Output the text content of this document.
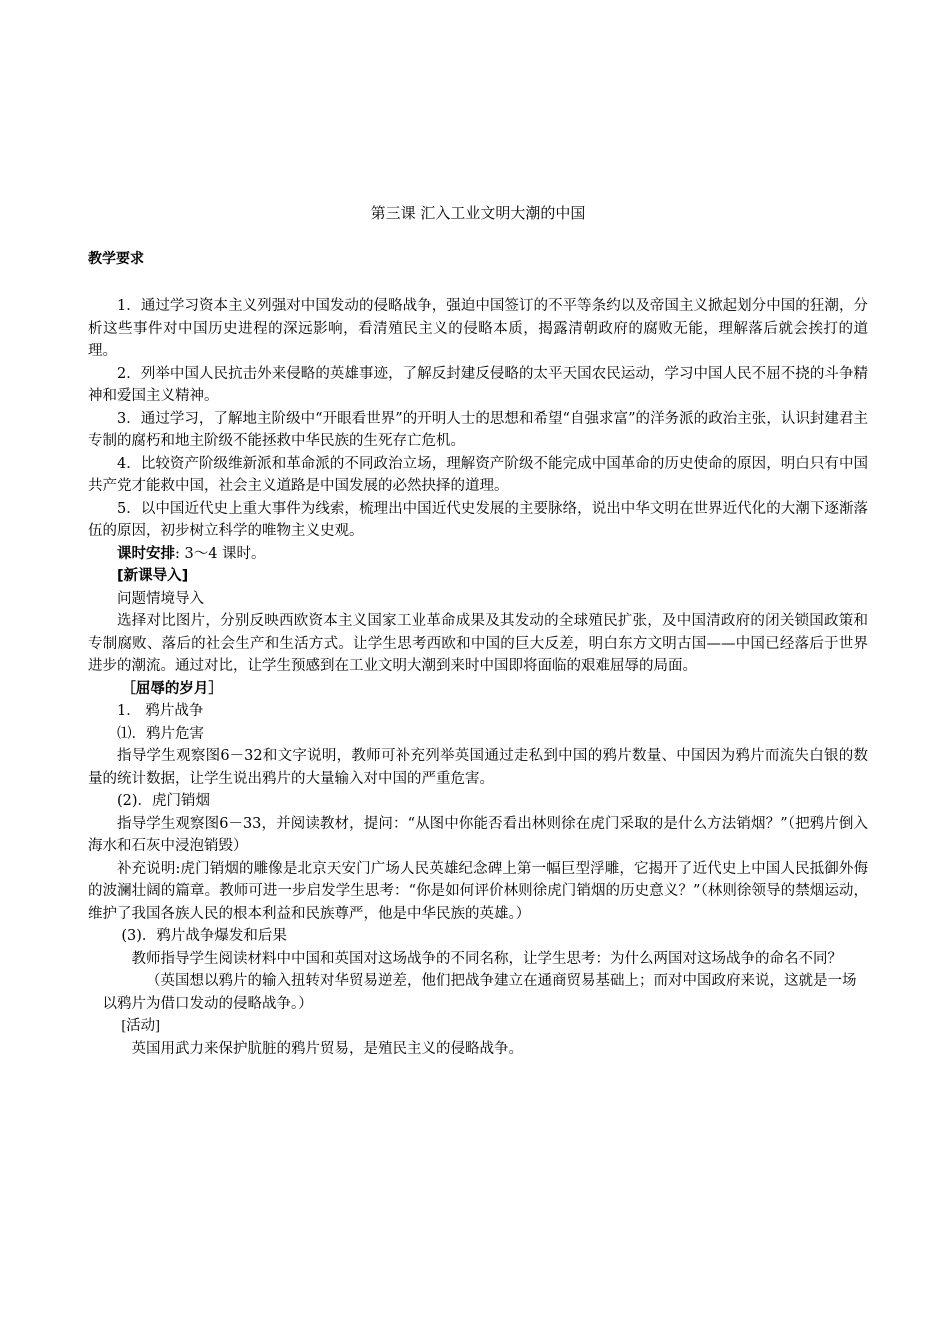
第三课 汇入工业文明大潮的中国
教学要求

1．通过学习资本主义列强对中国发动的侵略战争，强迫中国签订的不平等条约以及帝国主义掀起划分中国的狂潮，分析这些事件对中国历史进程的深远影响，看清殖民主义的侵略本质，揭露清朝政府的腐败无能，理解落后就会挨打的道理。

2．列举中国人民抗击外来侵略的英雄事迹，了解反封建反侵略的太平天国农民运动，学习中国人民不屈不挠的斗争精神和爱国主义精神。

3．通过学习，了解地主阶级中“开眼看世界”的开明人士的思想和希望“自强求富”的洋务派的政治主张，认识封建君主专制的腐朽和地主阶级不能拯救中华民族的生死存亡危机。

4．比较资产阶级维新派和革命派的不同政治立场，理解资产阶级不能完成中国革命的历史使命的原因，明白只有中国共产党才能救中国，社会主义道路是中国发展的必然抉择的道理。

5．以中国近代史上重大事件为线索，梳理出中国近代史发展的主要脉络，说出中华文明在世界近代化的大潮下逐渐落伍的原因，初步树立科学的唯物主义史观。

课时安排: 3～4 课时。

[新课导入]

问题情境导入

选择对比图片，分别反映西欧资本主义国家工业革命成果及其发动的全球殖民扩张，及中国清政府的闭关锁国政策和专制腐败、落后的社会生产和生活方式。让学生思考西欧和中国的巨大反差，明白东方文明古国——中国已经落后于世界进步的潮流。通过对比，让学生预感到在工业文明大潮到来时中国即将面临的艰难屈辱的局面。

［屈辱的岁月］

1． 鸦片战争

⑴．鸦片危害

指导学生观察图6－32和文字说明，教师可补充列举英国通过走私到中国的鸦片数量、中国因为鸦片而流失白银的数量的统计数据，让学生说出鸦片的大量输入对中国的严重危害。

(2)．虎门销烟

指导学生观察图6－33，并阅读教材，提问：“从图中你能否看出林则徐在虎门采取的是什么方法销烟？”（把鸦片倒入海水和石灰中浸泡销毁）

补充说明:虎门销烟的雕像是北京天安门广场人民英雄纪念碑上第一幅巨型浮雕，它揭开了近代史上中国人民抵御外侮的波澜壮阔的篇章。教师可进一步启发学生思考：“你是如何评价林则徐虎门销烟的历史意义？”（林则徐领导的禁烟运动，维护了我国各族人民的根本利益和民族尊严，他是中华民族的英雄。）

(3)．鸦片战争爆发和后果

教师指导学生阅读材料中中国和英国对这场战争的不同名称，让学生思考：为什么两国对这场战争的命名不同？

（英国想以鸦片的输入扭转对华贸易逆差，他们把战争建立在通商贸易基础上；而对中国政府来说，这就是一场以鸦片为借口发动的侵略战争。）

[活动]

英国用武力来保护肮脏的鸦片贸易，是殖民主义的侵略战争。
